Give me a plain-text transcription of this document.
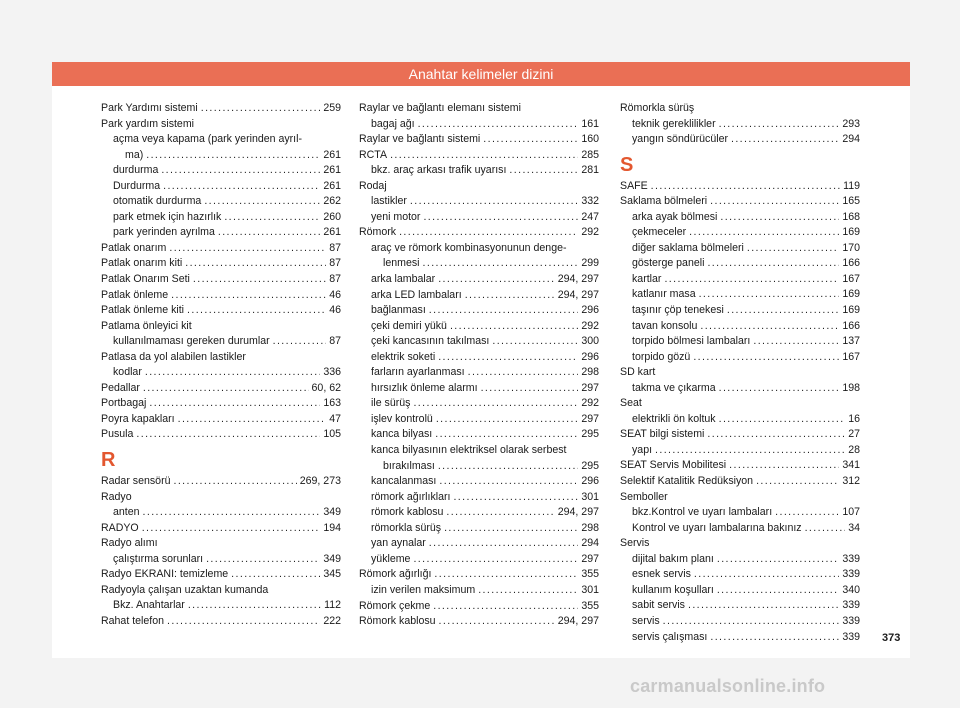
Anahtar kelimeler dizini
Park Yardımı sistemi .....	259
Park yardım sistemi
açma veya kapama (park yerinden ayrıl-
ma) .....	261
durdurma .....	261
Durdurma .....	261
otomatik durdurma .....	262
park etmek için hazırlık .....	260
park yerinden ayrılma .....	261
Patlak onarım .....	87
Patlak onarım kiti .....	87
Patlak Onarım Seti .....	87
Patlak önleme .....	46
Patlak önleme kiti .....	46
Patlama önleyici kit
kullanılmaması gereken durumlar .....	87
Patlasa da yol alabilen lastikler
kodlar .....	336
Pedallar .....	60, 62
Portbagaj .....	163
Poyra kapakları .....	47
Pusula .....	105
R
Radar sensörü .....	269, 273
Radyo
anten .....	349
RADYO .....	194
Radyo alımı
çalıştırma sorunları .....	349
Radyo EKRANI: temizleme .....	345
Radyoyla çalışan uzaktan kumanda
Bkz. Anahtarlar .....	112
Rahat telefon .....	222
Raylar ve bağlantı elemanı sistemi
bagaj ağı .....	161
Raylar ve bağlantı sistemi .....	160
RCTA .....	285
bkz. araç arkası trafik uyarısı .....	281
Rodaj
lastikler .....	332
yeni motor .....	247
Römork .....	292
araç ve römork kombinasyonunun denge-
lenmesi .....	299
arka lambalar .....	294, 297
arka LED lambaları .....	294, 297
bağlanması .....	296
çeki demiri yükü .....	292
çeki kancasının takılması .....	300
elektrik soketi .....	296
farların ayarlanması .....	298
hırsızlık önleme alarmı .....	297
ile sürüş .....	292
işlev kontrolü .....	297
kanca bilyası .....	295
kanca bilyasının elektriksel olarak serbest
bırakılması .....	295
kancalanması .....	296
römork ağırlıkları .....	301
römork kablosu .....	294, 297
römorkla sürüş .....	298
yan aynalar .....	294
yükleme .....	297
Römork ağırlığı .....	355
izin verilen maksimum .....	301
Römork çekme .....	355
Römork kablosu .....	294, 297
Römorkla sürüş
teknik gereklilikler .....	293
yangın söndürücüler .....	294
S
SAFE .....	119
Saklama bölmeleri .....	165
arka ayak bölmesi .....	168
çekmeceler .....	169
diğer saklama bölmeleri .....	170
gösterge paneli .....	166
kartlar .....	167
katlanır masa .....	169
taşınır çöp tenekesi .....	169
tavan konsolu .....	166
torpido bölmesi lambaları .....	137
torpido gözü .....	167
SD kart
takma ve çıkarma .....	198
Seat
elektrikli ön koltuk .....	16
SEAT bilgi sistemi .....	27
yapı .....	28
SEAT Servis Mobilitesi .....	341
Selektif Katalitik Redüksiyon .....	312
Semboller
bkz.Kontrol ve uyarı lambaları .....	107
Kontrol ve uyarı lambalarına bakınız .....	34
Servis
dijital bakım planı .....	339
esnek servis .....	339
kullanım koşulları .....	340
sabit servis .....	339
servis .....	339
servis çalışması .....	339 373
carmanualsonline.info
